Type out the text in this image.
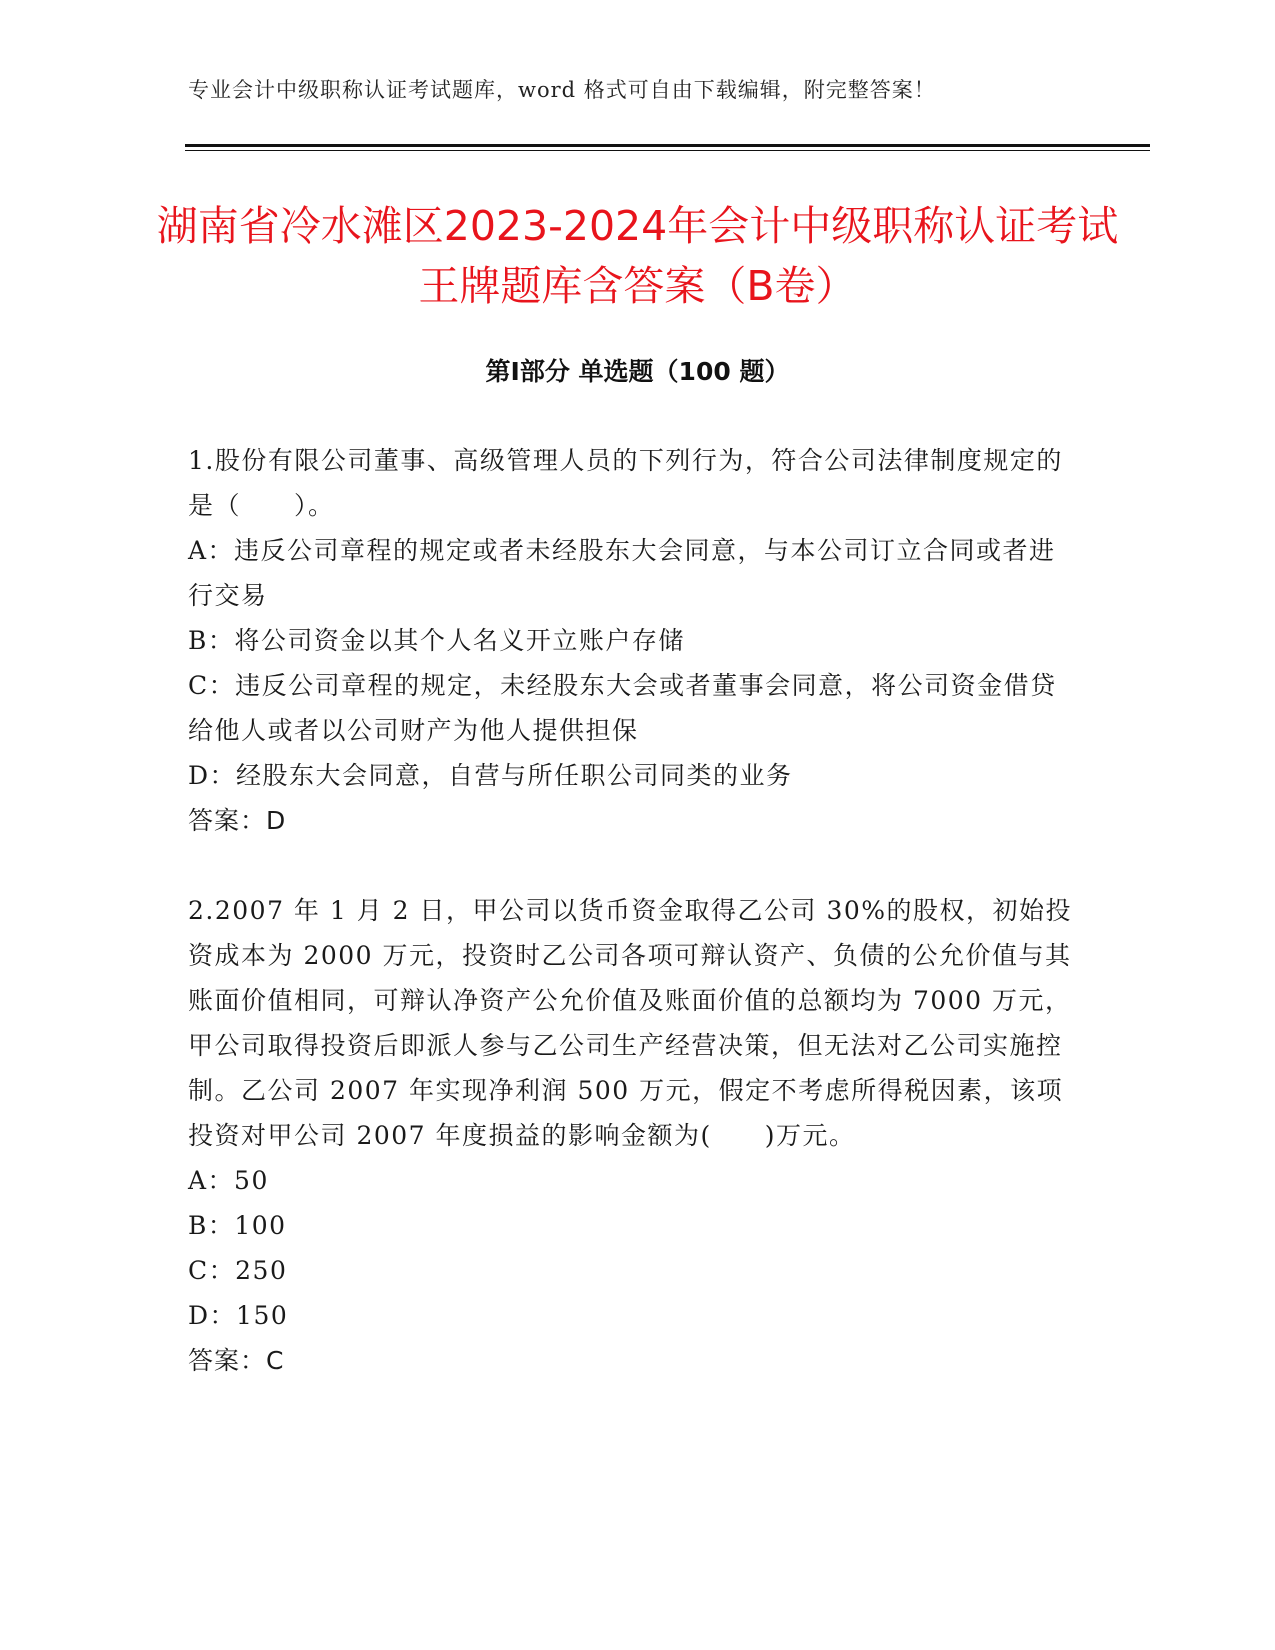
专业会计中级职称认证考试题库，word 格式可自由下载编辑，附完整答案！
湖南省冷水滩区2023-2024年会计中级职称认证考试王牌题库含答案（B卷）
第Ⅰ部分 单选题（100 题）

1.股份有限公司董事、高级管理人员的下列行为，符合公司法律制度规定的是（　　）。

A：违反公司章程的规定或者未经股东大会同意，与本公司订立合同或者进行交易

B：将公司资金以其个人名义开立账户存储

C：违反公司章程的规定，未经股东大会或者董事会同意，将公司资金借贷给他人或者以公司财产为他人提供担保

D：经股东大会同意，自营与所任职公司同类的业务

答案：D

2.2007 年 1 月 2 日，甲公司以货币资金取得乙公司 30%的股权，初始投资成本为 2000 万元，投资时乙公司各项可辩认资产、负债的公允价值与其账面价值相同，可辩认净资产公允价值及账面价值的总额均为 7000 万元，甲公司取得投资后即派人参与乙公司生产经营决策，但无法对乙公司实施控制。乙公司 2007 年实现净利润 500 万元，假定不考虑所得税因素，该项投资对甲公司 2007 年度损益的影响金额为(　　)万元。

A：50

B：100

C：250

D：150

答案：C
